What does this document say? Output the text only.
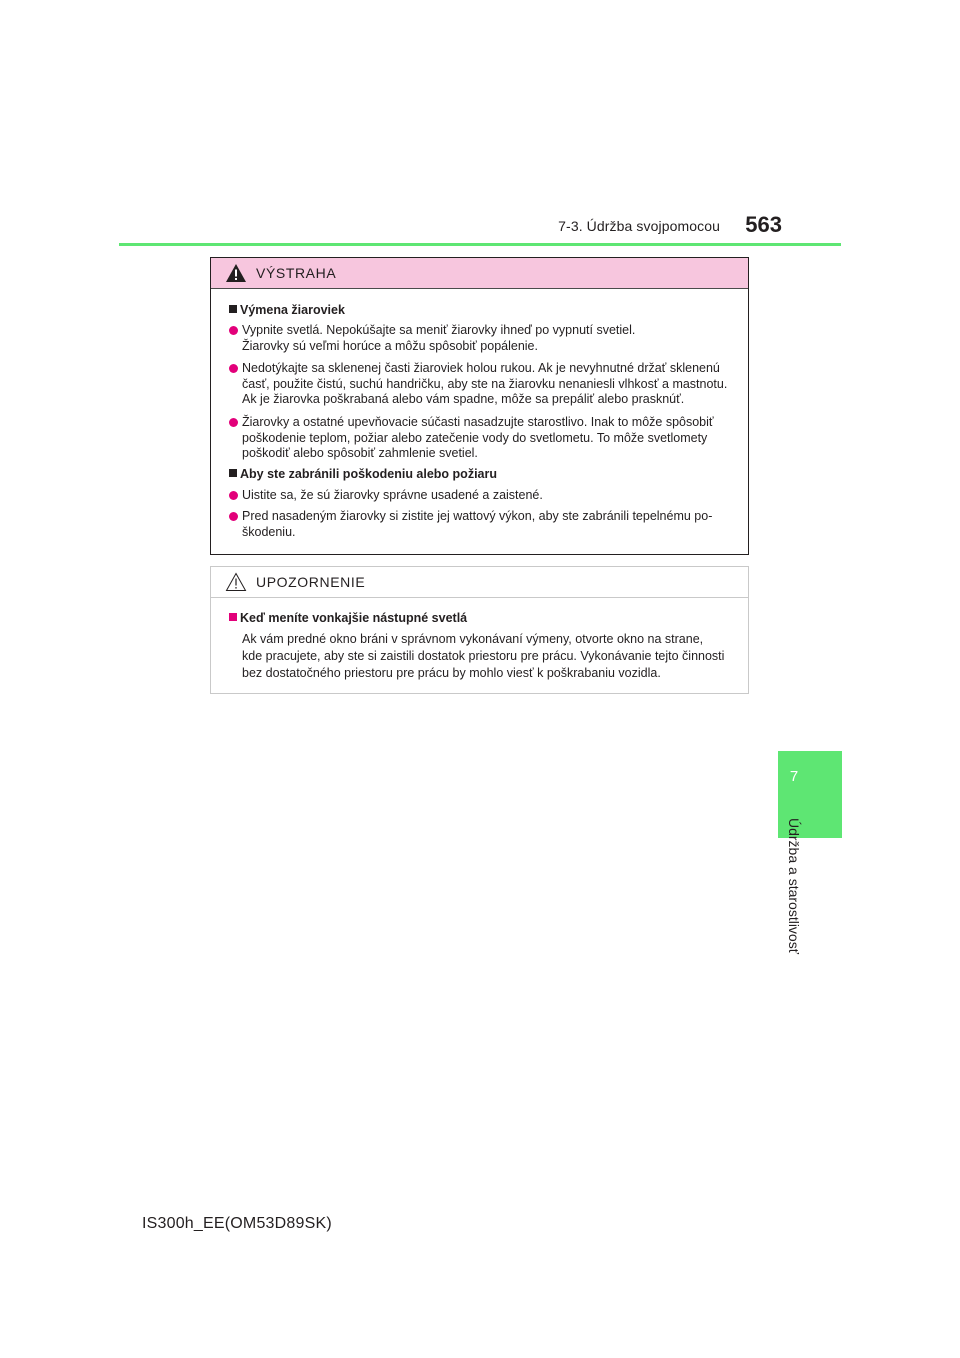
7-3. Údržba svojpomocou	563
7
Údržba a starostlivosť
VÝSTRAHA
Výmena žiaroviek
Vypnite svetlá. Nepokúšajte sa meniť žiarovky ihneď po vypnutí svetiel.
Žiarovky sú veľmi horúce a môžu spôsobiť popálenie.
Nedotýkajte sa sklenenej časti žiaroviek holou rukou. Ak je nevyhnutné držať sklenenú
časť, použite čistú, suchú handričku, aby ste na žiarovku nenaniesli vlhkosť a mastnotu.
Ak je žiarovka poškrabaná alebo vám spadne, môže sa prepáliť alebo prasknúť.
Žiarovky a ostatné upevňovacie súčasti nasadzujte starostlivo. Inak to môže spôsobiť
poškodenie teplom, požiar alebo zatečenie vody do svetlometu. To môže svetlomety
poškodiť alebo spôsobiť zahmlenie svetiel.
Aby ste zabránili poškodeniu alebo požiaru
Uistite sa, že sú žiarovky správne usadené a zaistené.
Pred nasadeným žiarovky si zistite jej wattový výkon, aby ste zabránili tepelnému po-
škodeniu.
UPOZORNENIE
Keď meníte vonkajšie nástupné svetlá
Ak vám predné okno bráni v správnom vykonávaní výmeny, otvorte okno na strane,
kde pracujete, aby ste si zaistili dostatok priestoru pre prácu. Vykonávanie tejto činnosti
bez dostatočného priestoru pre prácu by mohlo viesť k poškrabaniu vozidla.
IS300h_EE(OM53D89SK)
